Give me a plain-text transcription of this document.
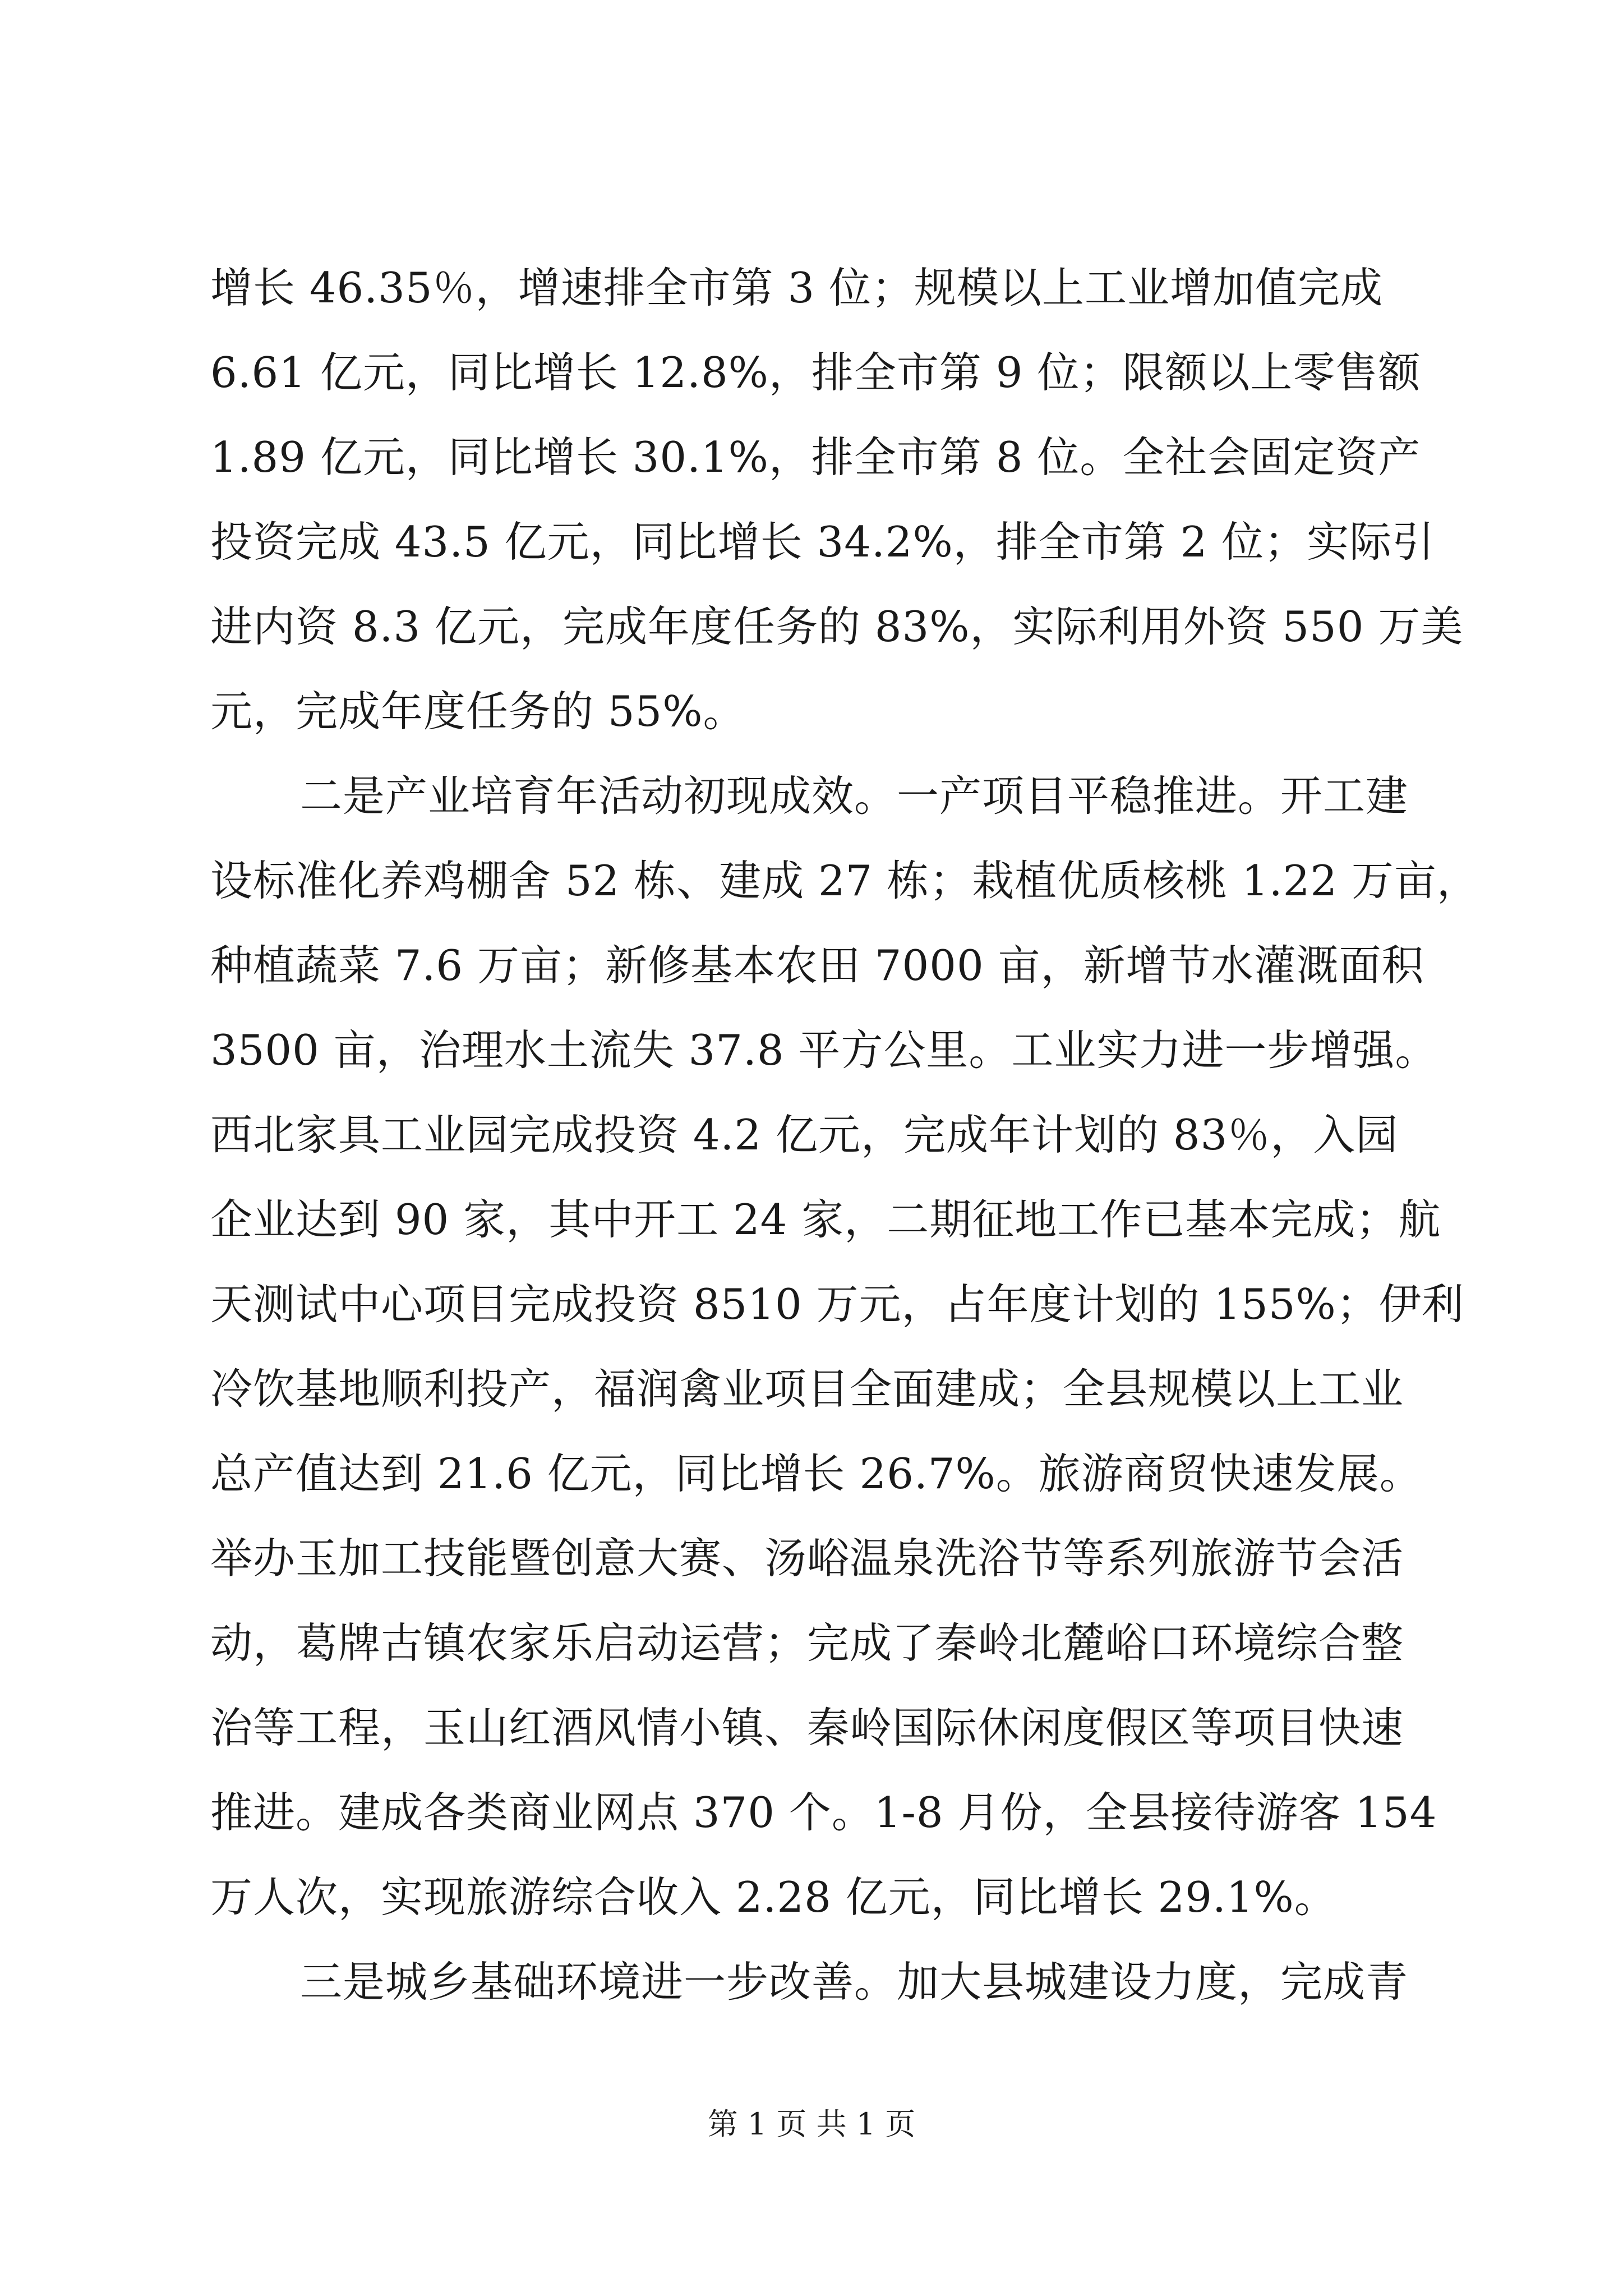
增长 46.35％，增速排全市第 3 位；规模以上工业增加值完成
6.61 亿元，同比增长 12.8%，排全市第 9 位；限额以上零售额
1.89 亿元，同比增长 30.1%，排全市第 8 位。全社会固定资产
投资完成 43.5 亿元，同比增长 34.2%，排全市第 2 位；实际引
进内资 8.3 亿元，完成年度任务的 83%，实际利用外资 550 万美
元，完成年度任务的 55%。
二是产业培育年活动初现成效。一产项目平稳推进。开工建
设标准化养鸡棚舍 52 栋、建成 27 栋；栽植优质核桃 1.22 万亩，
种植蔬菜 7.6 万亩；新修基本农田 7000 亩，新增节水灌溉面积
3500 亩，治理水土流失 37.8 平方公里。工业实力进一步增强。
西北家具工业园完成投资 4.2 亿元，完成年计划的 83％，入园
企业达到 90 家，其中开工 24 家，二期征地工作已基本完成；航
天测试中心项目完成投资 8510 万元，占年度计划的 155%；伊利
冷饮基地顺利投产，福润禽业项目全面建成；全县规模以上工业
总产值达到 21.6 亿元，同比增长 26.7%。旅游商贸快速发展。
举办玉加工技能暨创意大赛、汤峪温泉洗浴节等系列旅游节会活
动，葛牌古镇农家乐启动运营；完成了秦岭北麓峪口环境综合整
治等工程，玉山红酒风情小镇、秦岭国际休闲度假区等项目快速
推进。建成各类商业网点 370 个。1-8 月份，全县接待游客 154
万人次，实现旅游综合收入 2.28 亿元，同比增长 29.1%。
三是城乡基础环境进一步改善。加大县城建设力度，完成青
第 1 页 共 1 页
